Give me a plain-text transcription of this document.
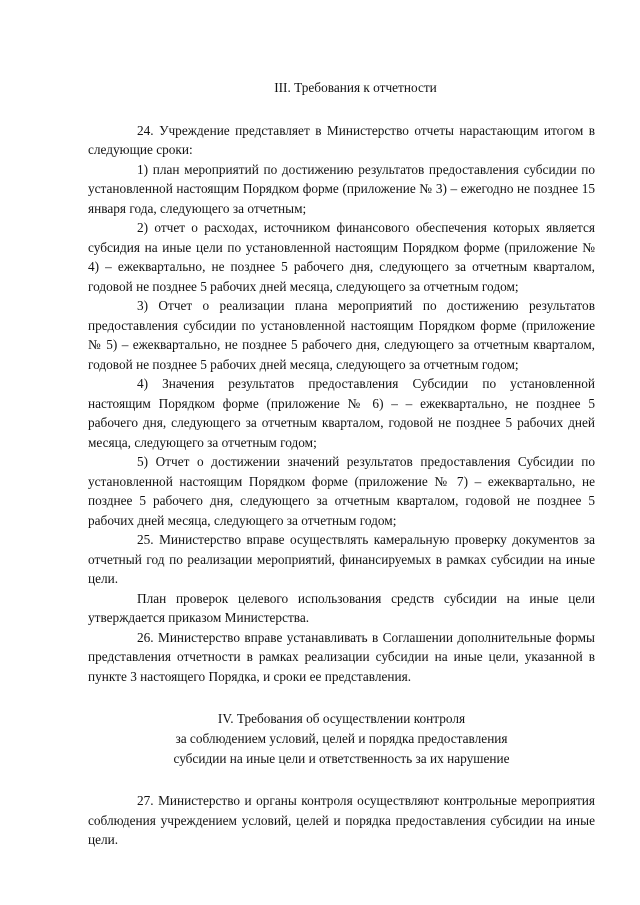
III. Требования к отчетности

24. Учреждение представляет в Министерство отчеты нарастающим итогом в следующие сроки:

1) план мероприятий по достижению результатов предоставления субсидии по установленной настоящим Порядком форме (приложение № 3) – ежегодно не позднее 15 января года, следующего за отчетным;

2) отчет о расходах, источником финансового обеспечения которых является субсидия на иные цели по установленной настоящим Порядком форме (приложение № 4) – ежеквартально, не позднее 5 рабочего дня, следующего за отчетным кварталом, годовой не позднее 5 рабочих дней месяца, следующего за отчетным годом;

3) Отчет о реализации плана мероприятий по достижению результатов предоставления субсидии по установленной настоящим Порядком форме (приложение № 5) – ежеквартально, не позднее 5 рабочего дня, следующего за отчетным кварталом, годовой не позднее 5 рабочих дней месяца, следующего за отчетным годом;

4) Значения результатов предоставления Субсидии по установленной настоящим Порядком форме (приложение № 6) – – ежеквартально, не позднее 5 рабочего дня, следующего за отчетным кварталом, годовой не позднее 5 рабочих дней месяца, следующего за отчетным годом;

5) Отчет о достижении значений результатов предоставления Субсидии по установленной настоящим Порядком форме (приложение № 7) – ежеквартально, не позднее 5 рабочего дня, следующего за отчетным кварталом, годовой не позднее 5 рабочих дней месяца, следующего за отчетным годом;

25. Министерство вправе осуществлять камеральную проверку документов за отчетный год по реализации мероприятий, финансируемых в рамках субсидии на иные цели.

План проверок целевого использования средств субсидии на иные цели утверждается приказом Министерства.

26. Министерство вправе устанавливать в Соглашении дополнительные формы представления отчетности в рамках реализации субсидии на иные цели, указанной в пункте 3 настоящего Порядка, и сроки ее представления.

IV. Требования об осуществлении контроля
за соблюдением условий, целей и порядка предоставления
субсидии на иные цели и ответственность за их нарушение

27. Министерство и органы контроля осуществляют контрольные мероприятия соблюдения учреждением условий, целей и порядка предоставления субсидии на иные цели.
